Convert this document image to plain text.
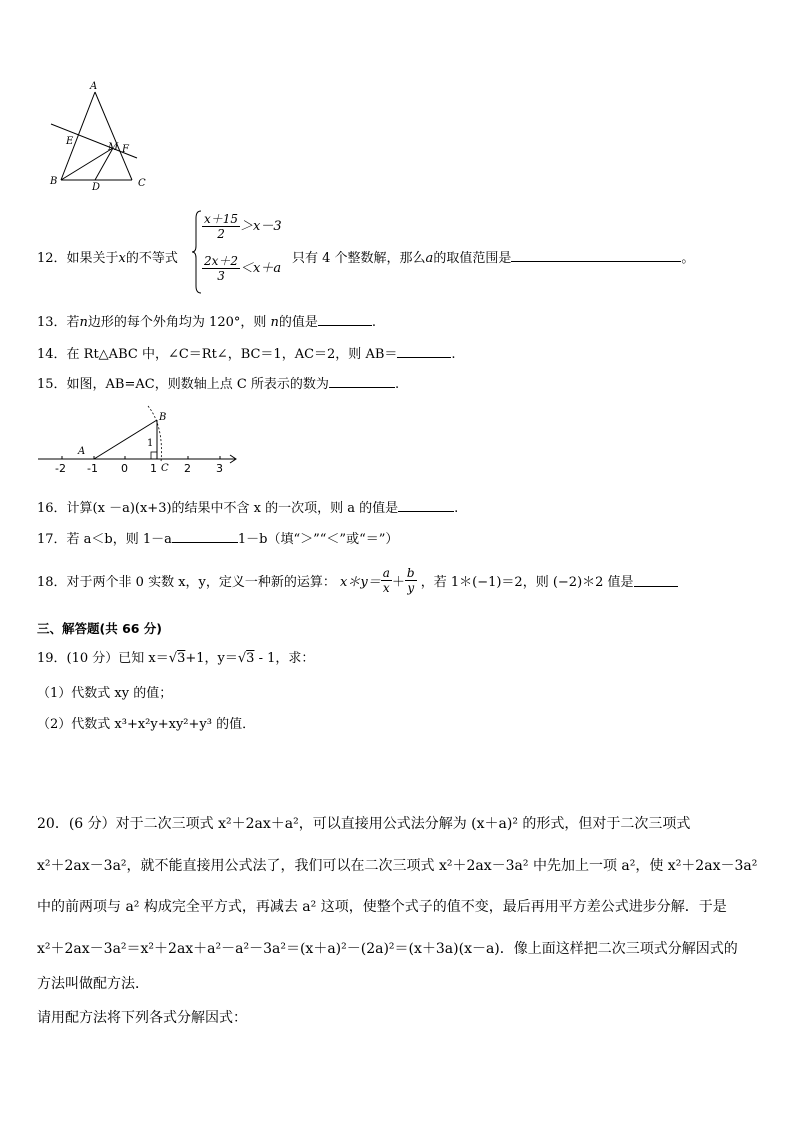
A
E
M F
B
D	C
12．如果关于x的不等式
$\frac{x+15}{2} >x-3$
$\frac{2x+2}{3} <x+a$
只有 4 个整数解，那么a的取值范围是	。
13．若n边形的每个外角均为 120°，则 n的值是	.
14．在 Rt△ABC 中，∠C＝Rt∠，BC＝1，AC＝2，则 AB＝	.
15．如图，AB=AC，则数轴上点 C 所表示的数为	.
B
A
1
C
-2 -1 0 1 2 3
16．计算(x －a)(x+3)的结果中不含 x 的一次项，则 a 的值是	.
17．若 a＜b，则 1－a	1－b（填“＞”“＜”或“＝”）
18．对于两个非 0 实数 x，y，定义一种新的运算： x＊y＝ $\frac{a}{x} + \frac{b}{y}$ ，若 1＊(−1)＝2，则 (−2)＊2 值是
三、解答题(共 66 分)
19．(10 分）已知 x＝√3+1，y＝√3 - 1，求：
（1）代数式 xy 的值；
（2）代数式 x³+x²y+xy²+y³ 的值．
20．(6 分）对于二次三项式 x²＋2ax＋a²，可以直接用公式法分解为 (x＋a)² 的形式，但对于二次三项式
x²＋2ax－3a²，就不能直接用公式法了，我们可以在二次三项式 x²＋2ax－3a² 中先加上一项 a²，使 x²＋2ax－3a²
中的前两项与 a² 构成完全平方式，再减去 a² 这项，使整个式子的值不变，最后再用平方差公式进步分解．于是
x²＋2ax－3a²＝x²＋2ax＋a²－a²－3a²＝(x＋a)²－(2a)²＝(x＋3a)(x－a)．像上面这样把二次三项式分解因式的
方法叫做配方法．
请用配方法将下列各式分解因式：
